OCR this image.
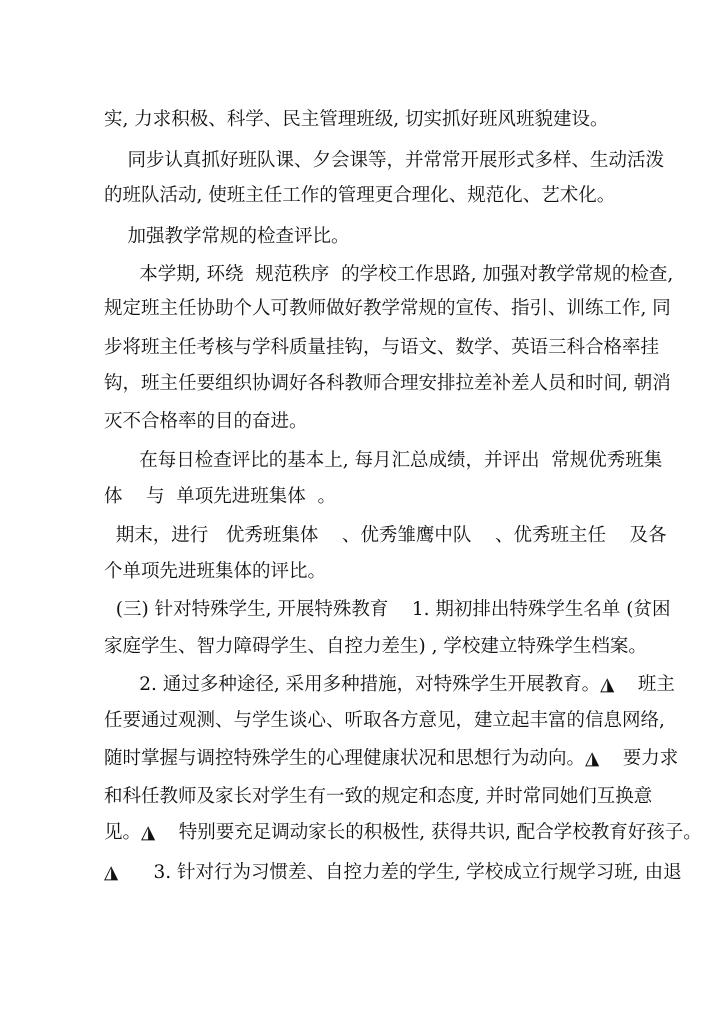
实, 力求积极、科学、民主管理班级, 切实抓好班风班貌建设。
同步认真抓好班队课、夕会课等，并常常开展形式多样、生动活泼
的班队活动, 使班主任工作的管理更合理化、规范化、艺术化。
加强教学常规的检查评比。
本学期, 环绕  规范秩序  的学校工作思路, 加强对教学常规的检查,
规定班主任协助个人可教师做好教学常规的宣传、指引、训练工作, 同
步将班主任考核与学科质量挂钩，与语文、数学、英语三科合格率挂
钩，班主任要组织协调好各科教师合理安排拉差补差人员和时间, 朝消
灭不合格率的目的奋进。
在每日检查评比的基本上, 每月汇总成绩，并评出  常规优秀班集
体    与  单项先进班集体  。
期末，进行   优秀班集体    、优秀雏鹰中队    、优秀班主任    及各
个单项先进班集体的评比。
(三) 针对特殊学生, 开展特殊教育    1. 期初排出特殊学生名单 (贫困
家庭学生、智力障碍学生、自控力差生) , 学校建立特殊学生档案。
2. 通过多种途径, 采用多种措施，对特殊学生开展教育。◮    班主
任要通过观测、与学生谈心、听取各方意见，建立起丰富的信息网络,
随时掌握与调控特殊学生的心理健康状况和思想行为动向。◮    要力求
和科任教师及家长对学生有一致的规定和态度, 并时常同她们互换意
见。◮    特别要充足调动家长的积极性, 获得共识, 配合学校教育好孩子。
◮      3. 针对行为习惯差、自控力差的学生, 学校成立行规学习班, 由退
